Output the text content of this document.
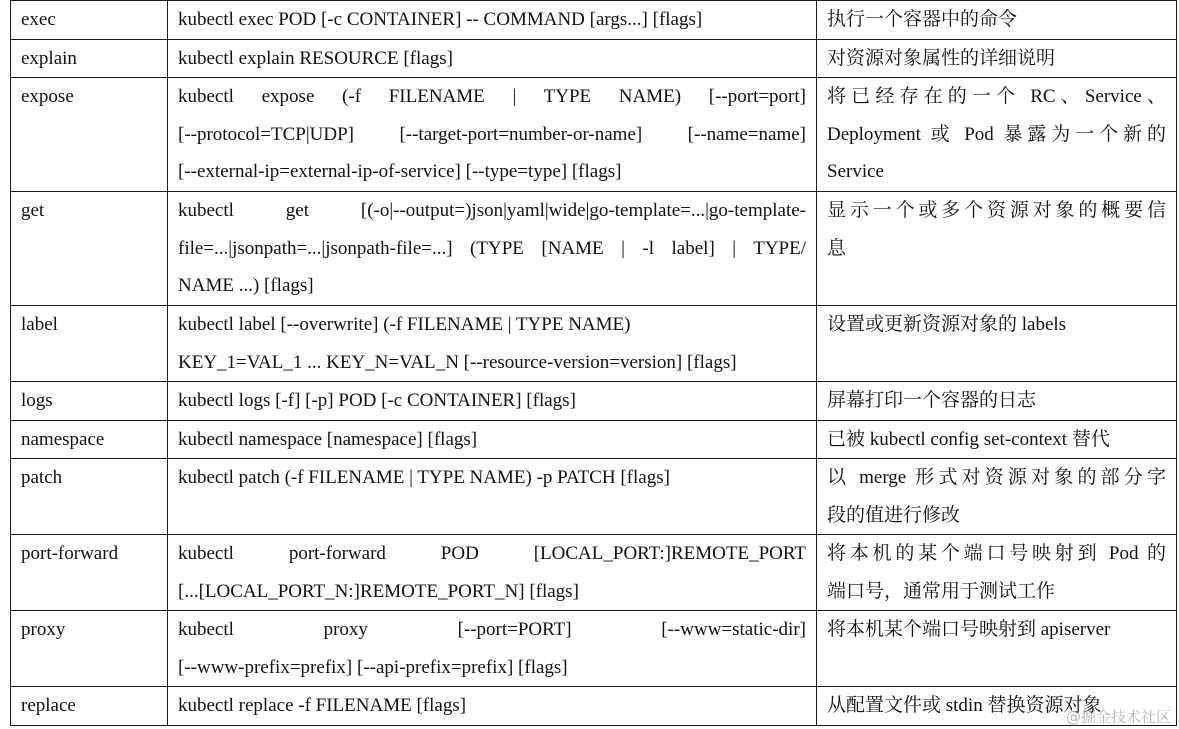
exec	kubectl exec POD [-c CONTAINER] -- COMMAND [args...] [flags]	执行一个容器中的命令

explain	kubectl explain RESOURCE [flags]	对资源对象属性的详细说明

expose	kubectl expose (-f FILENAME | TYPE NAME) [--port=port]
[--protocol=TCP|UDP] [--target-port=number-or-name] [--name=name]
[--external-ip=external-ip-of-service] [--type=type] [flags]	将已经存在的一个 RC、Service、
Deployment 或 Pod 暴露为一个新的
Service

get	kubectl get [(-o|--output=)json|yaml|wide|go-template=...|go-template-
file=...|jsonpath=...|jsonpath-file=...] (TYPE [NAME | -l label] | TYPE/
NAME ...) [flags]	显示一个或多个资源对象的概要信
息

label	kubectl label [--overwrite] (-f FILENAME | TYPE NAME)
KEY_1=VAL_1 ... KEY_N=VAL_N [--resource-version=version] [flags]	设置或更新资源对象的 labels

logs	kubectl logs [-f] [-p] POD [-c CONTAINER] [flags]	屏幕打印一个容器的日志

namespace	kubectl namespace [namespace] [flags]	已被 kubectl config set-context 替代

patch	kubectl patch (-f FILENAME | TYPE NAME) -p PATCH [flags]	以 merge 形式对资源对象的部分字
段的值进行修改

port-forward	kubectl port-forward POD [LOCAL_PORT:]REMOTE_PORT
[...[LOCAL_PORT_N:]REMOTE_PORT_N] [flags]	将本机的某个端口号映射到 Pod 的
端口号，通常用于测试工作

proxy	kubectl proxy [--port=PORT] [--www=static-dir]
[--www-prefix=prefix] [--api-prefix=prefix] [flags]	将本机某个端口号映射到 apiserver

replace	kubectl replace -f FILENAME [flags]	从配置文件或 stdin 替换资源对象
@掘金技术社区
